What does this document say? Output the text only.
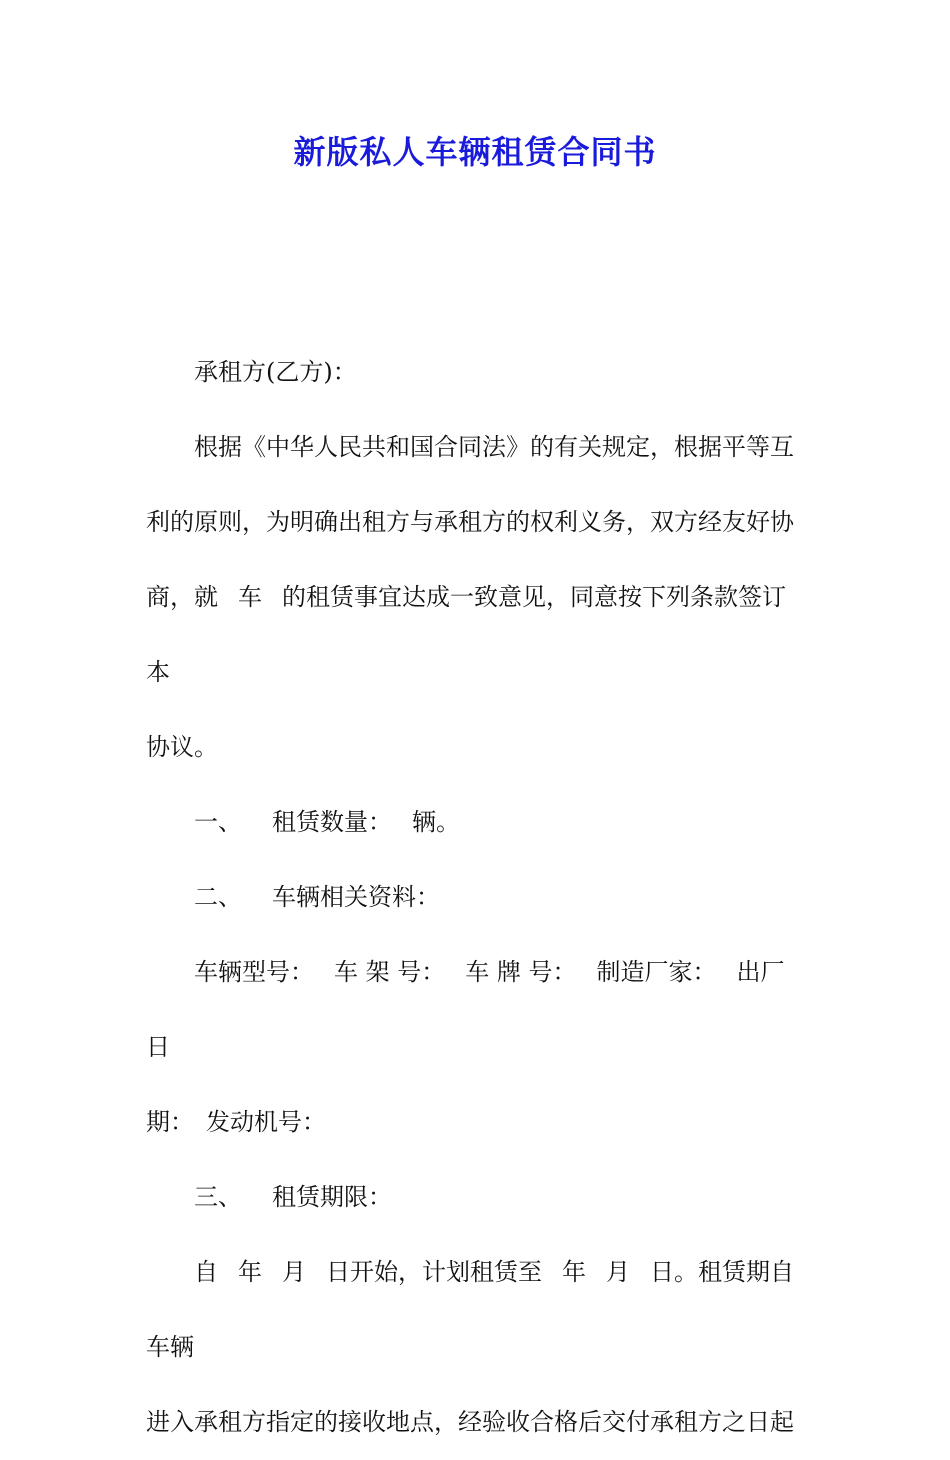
新版私人车辆租赁合同书

承租方(乙方)：

根据《中华人民共和国合同法》的有关规定，根据平等互

利的原则，为明确出租方与承租方的权利义务，双方经友好协

商，就 车 的租赁事宜达成一致意见，同意按下列条款签订本

协议。

一、 租赁数量： 辆。

二、 车辆相关资料：

车辆型号： 车 架 号： 车 牌 号： 制造厂家： 出厂日

期： 发动机号：

三、 租赁期限：

自 年 月 日开始，计划租赁至 年 月 日。租赁期自车辆

进入承租方指定的接收地点，经验收合格后交付承租方之日起
